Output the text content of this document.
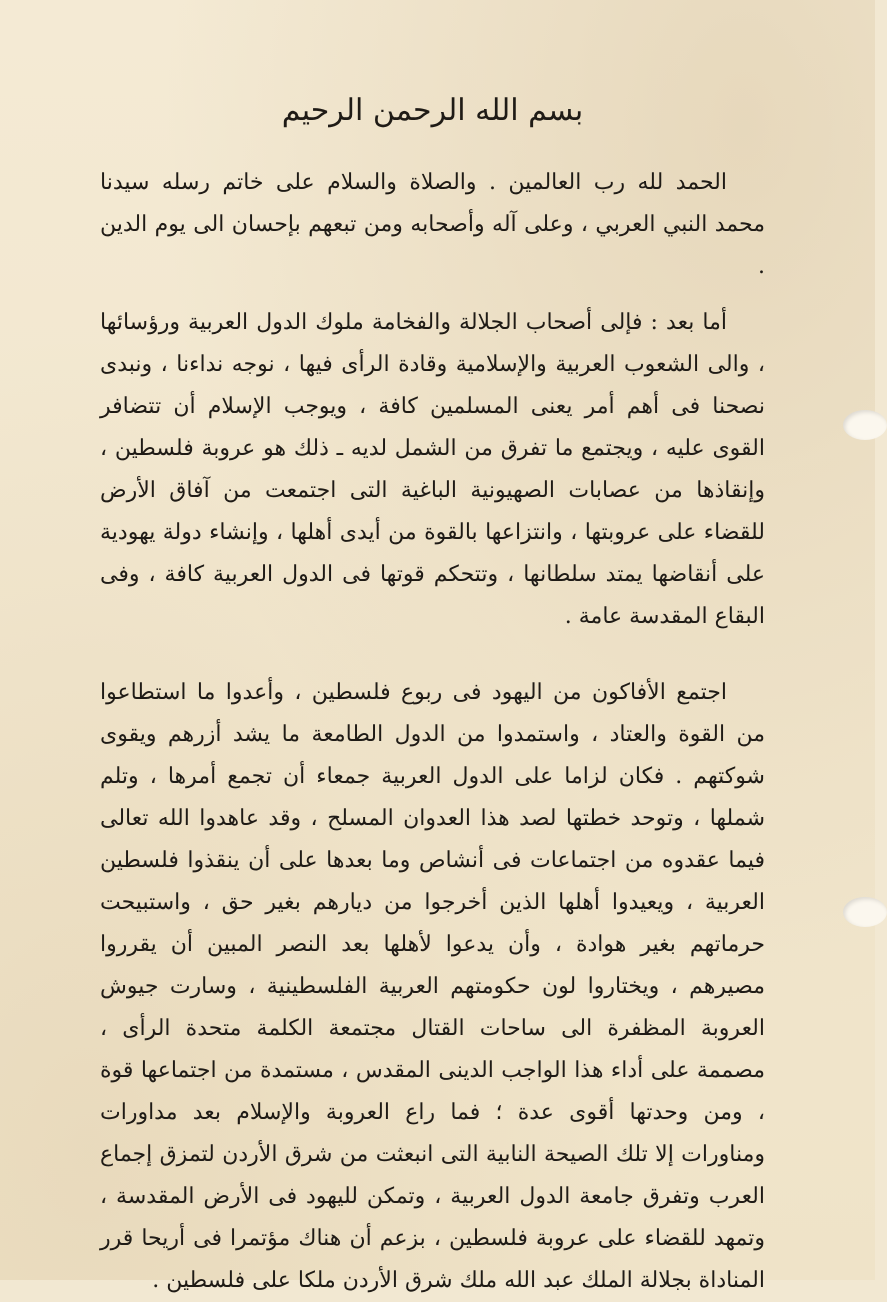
بسم الله الرحمن الرحيم

الحمد لله رب العالمين . والصلاة والسلام على خاتم رسله سيدنا محمد النبي العربي ، وعلى آله وأصحابه ومن تبعهم بإحسان الى يوم الدين .

أما بعد : فإلى أصحاب الجلالة والفخامة ملوك الدول العربية ورؤسائها ، والى الشعوب العربية والإسلامية وقادة الرأى فيها ، نوجه نداءنا ، ونبدى نصحنا فى أهم أمر يعنى المسلمين كافة ، ويوجب الإسلام أن تتضافر القوى عليه ، ويجتمع ما تفرق من الشمل لديه ـ ذلك هو عروبة فلسطين ، وإنقاذها من عصابات الصهيونية الباغية التى اجتمعت من آفاق الأرض للقضاء على عروبتها ، وانتزاعها بالقوة من أيدى أهلها ، وإنشاء دولة يهودية على أنقاضها يمتد سلطانها ، وتتحكم قوتها فى الدول العربية كافة ، وفى البقاع المقدسة عامة .

اجتمع الأفاكون من اليهود فى ربوع فلسطين ، وأعدوا ما استطاعوا من القوة والعتاد ، واستمدوا من الدول الطامعة ما يشد أزرهم ويقوى شوكتهم . فكان لزاما على الدول العربية جمعاء أن تجمع أمرها ، وتلم شملها ، وتوحد خطتها لصد هذا العدوان المسلح ، وقد عاهدوا الله تعالى فيما عقدوه من اجتماعات فى أنشاص وما بعدها على أن ينقذوا فلسطين العربية ، ويعيدوا أهلها الذين أخرجوا من ديارهم بغير حق ، واستبيحت حرماتهم بغير هوادة ، وأن يدعوا لأهلها بعد النصر المبين أن يقرروا مصيرهم ، ويختاروا لون حكومتهم العربية الفلسطينية ، وسارت جيوش العروبة المظفرة الى ساحات القتال مجتمعة الكلمة متحدة الرأى ، مصممة على أداء هذا الواجب الدينى المقدس ، مستمدة من اجتماعها قوة ، ومن وحدتها أقوى عدة ؛ فما راع العروبة والإسلام بعد مداورات ومناورات إلا تلك الصيحة النابية التى انبعثت من شرق الأردن لتمزق إجماع العرب وتفرق جامعة الدول العربية ، وتمكن لليهود فى الأرض المقدسة ، وتمهد للقضاء على عروبة فلسطين ، بزعم أن هناك مؤتمرا فى أريحا قرر المناداة بجلالة الملك عبد الله ملك شرق الأردن ملكا على فلسطين .
